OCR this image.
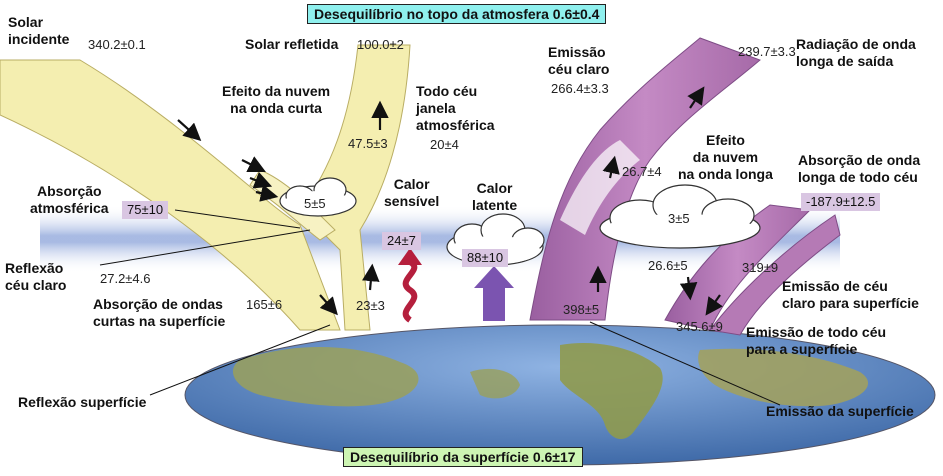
Desequilíbrio no topo da atmosfera 0.6±0.4
Desequilíbrio da superfície 0.6±17
Solar
incidente 340.2±0.1	Solar refletida 100.0±2
Efeito da nuvem
na onda curta
Todo céu
janela
atmosférica
20±4
47.5±3
5±5
Absorção
atmosférica	75±10
Reflexão
céu claro	27.2±4.6
Absorção de ondas
curtas na superfície
165±6	23±3
Reflexão superfície
Calor
sensível
24±7
Calor
latente
88±10
Emissão
céu claro
266.4±3.3
239.7±3.3 Radiação de onda
longa de saída
Efeito
da nuvem
na onda longa
26.7±4
3±5
Absorção de onda
longa de todo céu
-187.9±12.5
26.6±5	319±9
Emissão de céu
claro para superfície
398±5
345.6±9 Emissão de todo céu
para a superfície
Emissão da superfície
